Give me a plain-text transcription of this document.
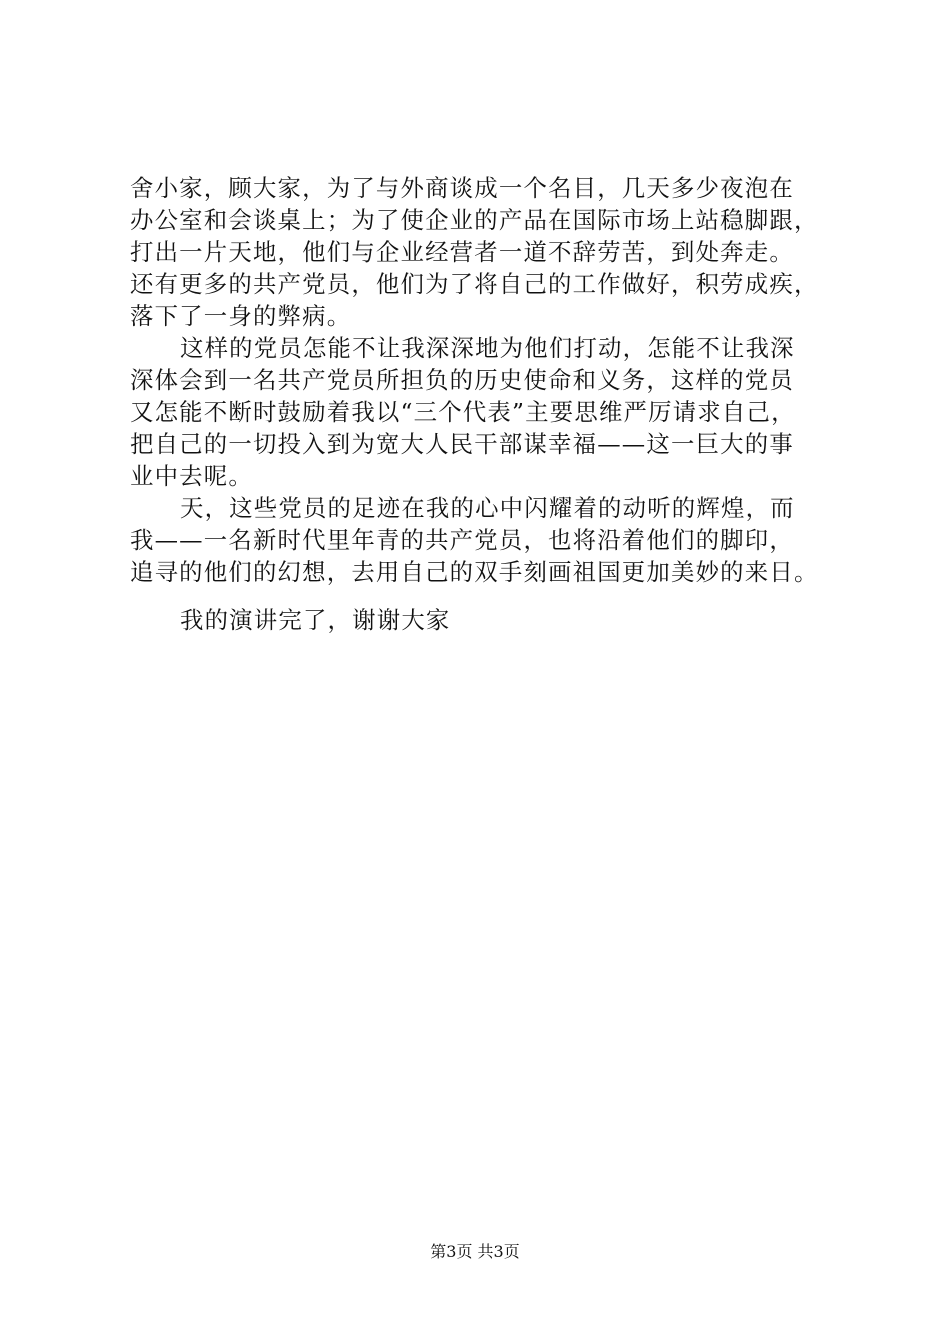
舍小家，顾大家，为了与外商谈成一个名目，几天多少夜泡在
办公室和会谈桌上；为了使企业的产品在国际市场上站稳脚跟，
打出一片天地，他们与企业经营者一道不辞劳苦，到处奔走。
还有更多的共产党员，他们为了将自己的工作做好，积劳成疾，
落下了一身的弊病。
这样的党员怎能不让我深深地为他们打动，怎能不让我深
深体会到一名共产党员所担负的历史使命和义务，这样的党员
又怎能不断时鼓励着我以“三个代表”主要思维严厉请求自己，
把自己的一切投入到为宽大人民干部谋幸福——这一巨大的事
业中去呢。
天，这些党员的足迹在我的心中闪耀着的动听的辉煌，而
我——一名新时代里年青的共产党员，也将沿着他们的脚印，
追寻的他们的幻想，去用自己的双手刻画祖国更加美妙的来日。
我的演讲完了，谢谢大家
第3页 共3页
